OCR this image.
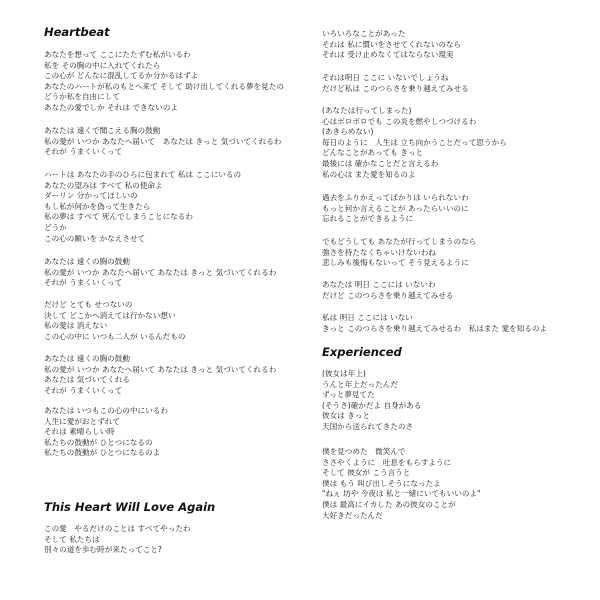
Heartbeat
あなたを想って ここにたたずむ私がいるわ
私を その胸の中に入れてくれたら
この心が どんなに混乱してるか分かるはずよ
あなたのハートが私のもとへ来て そして 助け出してくれる夢を見たの
どうか私を自由にして
あなたの愛でしか それは できないのよ
あなたは 遠くで聞こえる胸の鼓動
私の愛が いつか あなたへ届いて　あなたは きっと 気づいてくれるわ
それが うまくいくって
ハートは あなたの手のひらに包まれて 私は ここにいるの
あなたの望みは すべて 私の使命よ
ダーリン 分かってほしいの
もし私が何かを偽って生きたら
私の夢は すべて 死んでしまうことになるわ
どうか
この心の願いを かなえさせて
あなたは 遠くの胸の鼓動
私の愛が いつか あなたへ届いて あなたは きっと 気づいてくれるわ
それが うまくいくって
だけど とても せつないの
決して どこかへ消えては行かない想い
私の愛は 消えない
この心の中に いつも二人が いるんだもの
あなたは 遠くの胸の鼓動
私の愛が いつか あなたへ届いて あなたは きっと 気づいてくれるわ
あなたは 気づいてくれる
それが うまくいくって
あなたは いつもこの心の中にいるわ
人生に愛がおとずれて
それは 素晴らしい時
私たちの鼓動が ひとつになるの
私たちの鼓動が ひとつになるのよ
This Heart Will Love Again
この愛　やるだけのことは すべてやったわ
そして 私たちは
別々の道を歩む時が来たってこと?
いろいろなことがあった
それは 私に慣いをさせてくれないのなら
それは 受け止めなくてはならない現実
それは明日 ここに いないでしょうね
だけど私は このつらさを乗り越えてみせる
(あなたは行ってしまった)
心はボロボロでも この炎を燃やしつづけるわ
(あきらめない)
毎日のように　人生は 立ち向かうことだって思うから
どんなことがあっても きっと
最後には 確かなことだと言えるわ
私の心は また愛を知るのよ
過去をふりかえってばかりは いられないわ
もっと何か言えることが あったらいいのに
忘れることができるように
でもどうしても あなたが行ってしまうのなら
強さを持たなくちゃいけないわね
悲しみも後悔もないって そう見えるように
あなたは 明日 ここには いないわ
だけど このつらさを乗り越えてみせる
私は 明日 ここには いない
きっと このつらさを乗り越えてみせるわ　私はまた 愛を知るのよ
Experienced
(彼女は年上)
うんと年上だったんだ
ずっと夢見てた
(そうさ)確かだよ 自身がある
彼女は きっと
天国から送られてきたのさ
僕を見つめた　微笑んで
ささやくように　吐息をもらすように
そして 彼女が こう言うと
僕は もう 叫び出しそうになったよ
"ねぇ 坊や 今夜は 私と一緒にいてもいいのよ"
僕は 最高にイカした あの彼女のことが
大好きだったんだ
